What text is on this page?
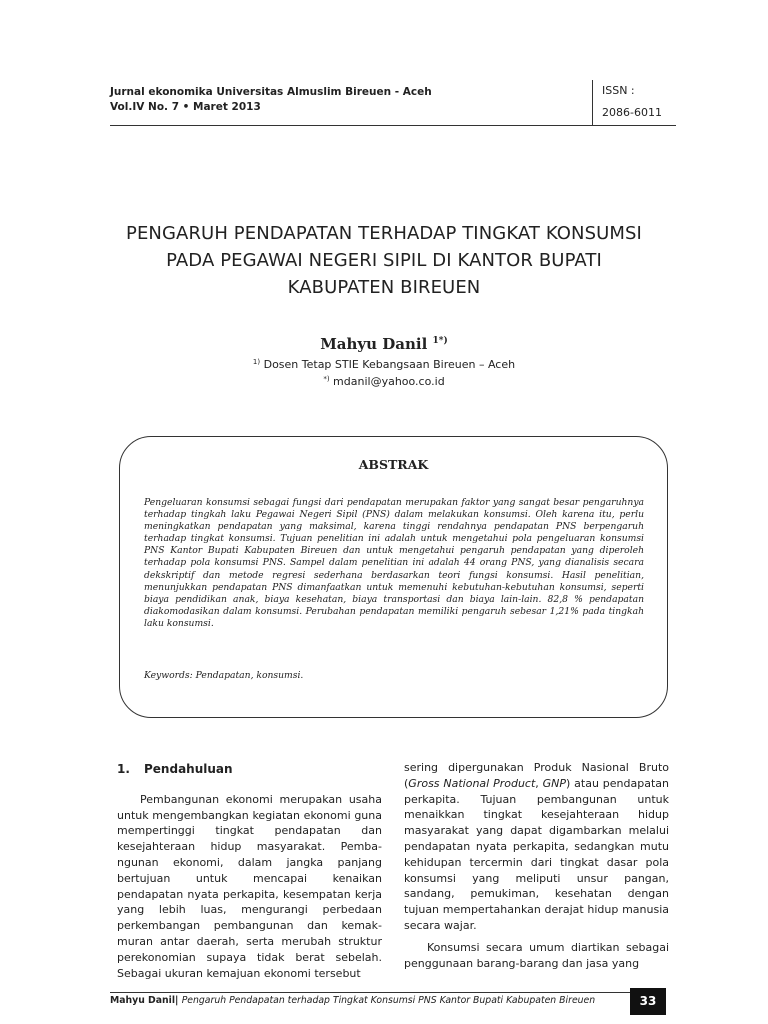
Jurnal ekonomika Universitas Almuslim Bireuen - Aceh
Vol.IV No. 7 • Maret 2013
ISSN :
2086-6011
PENGARUH PENDAPATAN TERHADAP TINGKAT KONSUMSI
PADA PEGAWAI NEGERI SIPIL DI KANTOR BUPATI
KABUPATEN BIREUEN
Mahyu Danil $^{1*)}$
$^{1)}$ Dosen Tetap STIE Kebangsaan Bireuen – Aceh
*) mdanil@yahoo.co.id
ABSTRAK
Pengeluaran konsumsi sebagai fungsi dari pendapatan merupakan faktor yang sangat besar pengaruhnya terhadap tingkah laku Pegawai Negeri Sipil (PNS) dalam melakukan konsumsi. Oleh karena itu, perlu meningkatkan pendapatan yang maksimal, karena tinggi rendahnya pendapatan PNS berpengaruh terhadap tingkat konsumsi. Tujuan penelitian ini adalah untuk mengetahui pola pengeluaran konsumsi PNS Kantor Bupati Kabupaten Bireuen dan untuk mengetahui pengaruh pendapatan yang diperoleh terhadap pola konsumsi PNS. Sampel dalam penelitian ini adalah 44 orang PNS, yang dianalisis secara dekskriptif dan metode regresi sederhana berdasarkan teori fungsi konsumsi. Hasil penelitian, menunjukkan pendapatan PNS dimanfaatkan untuk memenuhi kebutuhan-kebutuhan konsumsi, seperti biaya pendidikan anak, biaya kesehatan, biaya transportasi dan biaya lain-lain. 82,8 % pendapatan diakomodasikan dalam konsumsi. Perubahan pendapatan memiliki pengaruh sebesar 1,21% pada tingkah laku konsumsi.
Keywords: Pendapatan, konsumsi.
1. Pendahuluan
Pembangunan ekonomi merupakan usaha untuk mengembangkan kegiatan ekonomi guna mempertinggi tingkat pendapatan dan kesejahteraan hidup masyarakat. Pemba-ngunan ekonomi, dalam jangka panjang bertujuan untuk mencapai kenaikan pendapatan nyata perkapita, kesempatan kerja yang lebih luas, mengurangi perbedaan perkembangan pembangunan dan kemak-muran antar daerah, serta merubah struktur perekonomian supaya tidak berat sebelah. Sebagai ukuran kemajuan ekonomi tersebut
sering dipergunakan Produk Nasional Bruto (Gross National Product, GNP) atau pendapatan perkapita. Tujuan pembangunan untuk menaikkan tingkat kesejahteraan hidup masyarakat yang dapat digambarkan melalui pendapatan nyata perkapita, sedangkan mutu kehidupan tercermin dari tingkat dasar pola konsumsi yang meliputi unsur pangan, sandang, pemukiman, kesehatan dengan tujuan mempertahankan derajat hidup manusia secara wajar.
Konsumsi secara umum diartikan sebagai penggunaan barang-barang dan jasa yang
Mahyu Danil| Pengaruh Pendapatan terhadap Tingkat Konsumsi PNS Kantor Bupati Kabupaten Bireuen	33
